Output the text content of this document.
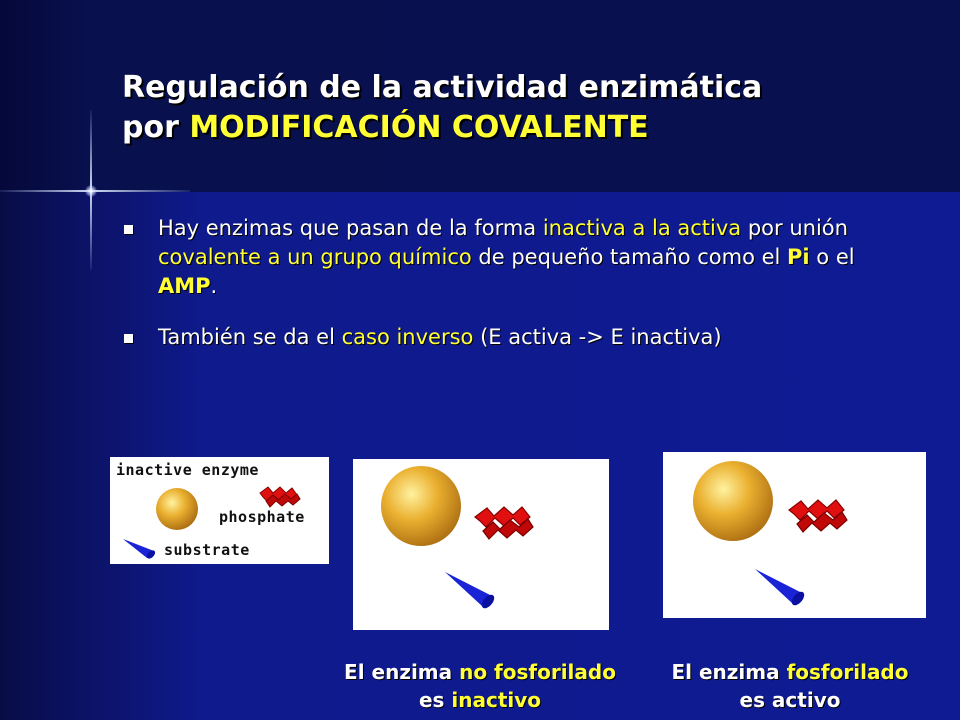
Regulación de la actividad enzimática
por MODIFICACIÓN COVALENTE
Hay enzimas que pasan de la forma inactiva a la activa por unión covalente a un grupo químico de pequeño tamaño como el Pi o el AMP.
También se da el caso inverso (E activa -> E inactiva)
inactive enzyme
phosphate
substrate
El enzima no fosforilado
es inactivo
El enzima fosforilado
es activo
